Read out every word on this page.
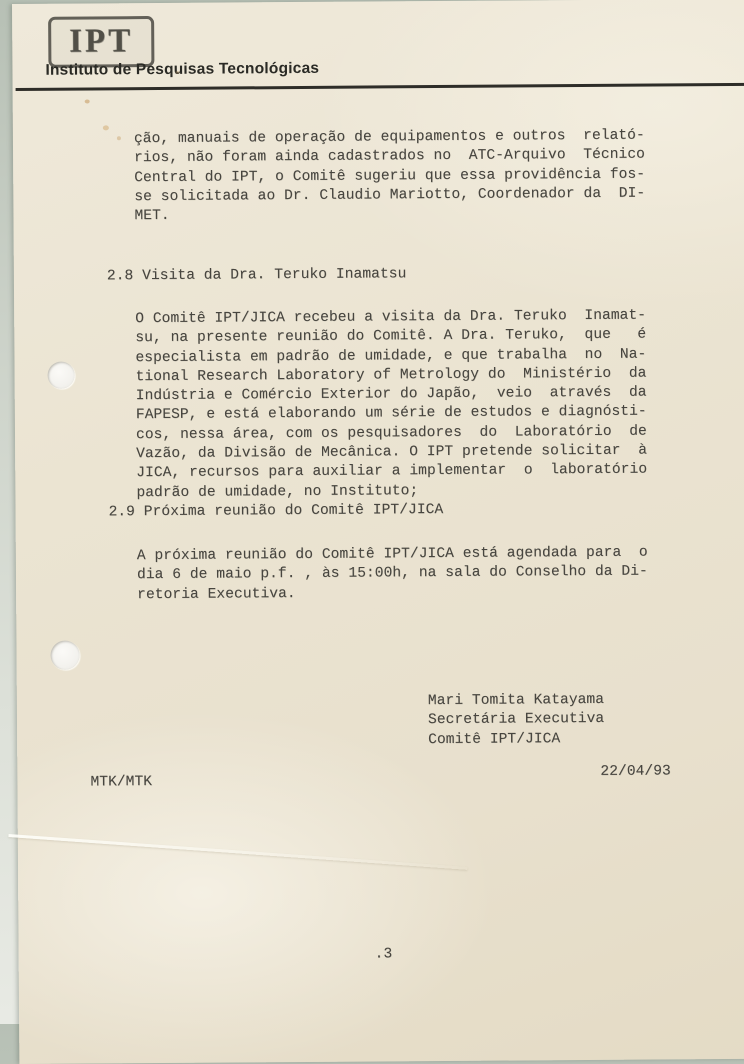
IPT
Instituto de Pesquisas Tecnológicas
ção, manuais de operação de equipamentos e outros  relató-
rios, não foram ainda cadastrados no  ATC-Arquivo  Técnico
Central do IPT, o Comitê sugeriu que essa providência fos-
se solicitada ao Dr. Claudio Mariotto, Coordenador da  DI-
MET.
2.8 Visita da Dra. Teruko Inamatsu
O Comitê IPT/JICA recebeu a visita da Dra. Teruko  Inamat-
su, na presente reunião do Comitê. A Dra. Teruko,  que   é
especialista em padrão de umidade, e que trabalha  no  Na-
tional Research Laboratory of Metrology do  Ministério  da
Indústria e Comércio Exterior do Japão,  veio  através  da
FAPESP, e está elaborando um série de estudos e diagnósti-
cos, nessa área, com os pesquisadores  do  Laboratório  de
Vazão, da Divisão de Mecânica. O IPT pretende solicitar  à
JICA, recursos para auxiliar a implementar  o  laboratório
padrão de umidade, no Instituto;
2.9 Próxima reunião do Comitê IPT/JICA
A próxima reunião do Comitê IPT/JICA está agendada para  o
dia 6 de maio p.f. , às 15:00h, na sala do Conselho da Di-
retoria Executiva.
Mari Tomita Katayama
Secretária Executiva
Comitê IPT/JICA
MTK/MTK
22/04/93
.3
